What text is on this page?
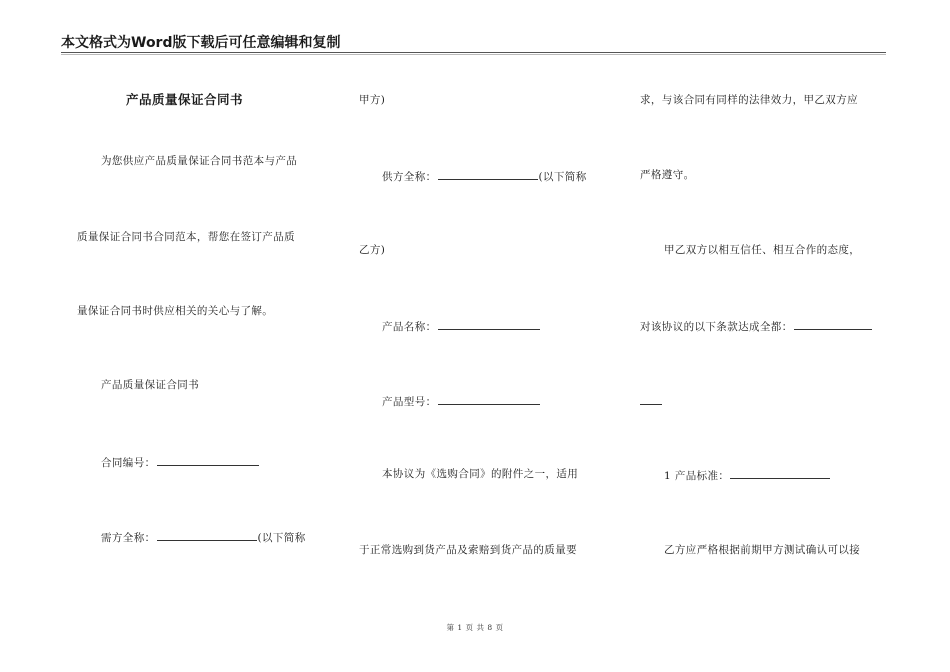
本文格式为Word版下载后可任意编辑和复制
产品质量保证合同书
为您供应产品质量保证合同书范本与产品
质量保证合同书合同范本，帮您在签订产品质
量保证合同书时供应相关的关心与了解。
产品质量保证合同书
合同编号：
需方全称：	(以下简称
甲方)
供方全称：	(以下简称
乙方)
产品名称：
产品型号：
本协议为《选购合同》的附件之一，适用
于正常选购到货产品及索赔到货产品的质量要
求，与该合同有同样的法律效力，甲乙双方应
严格遵守。
甲乙双方以相互信任、相互合作的态度，
对该协议的以下条款达成全都：
1 产品标准：
乙方应严格根据前期甲方测试确认可以接
第 1 页 共 8 页
